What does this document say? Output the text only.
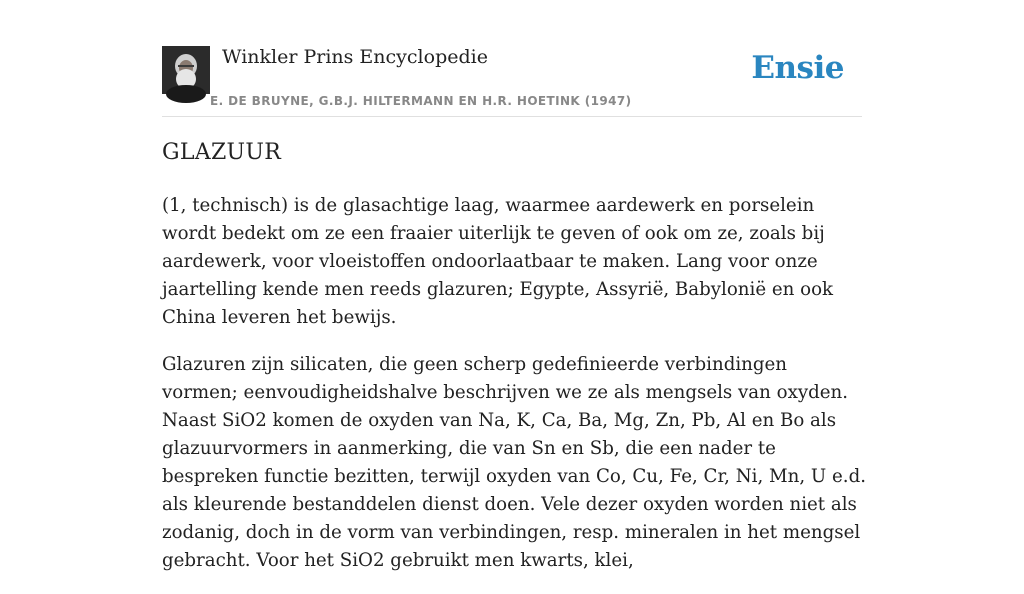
Winkler Prins Encyclopedie
E. DE BRUYNE, G.B.J. HILTERMANN EN H.R. HOETINK (1947)
Ensie
GLAZUUR

(1, technisch) is de glasachtige laag, waarmee aardewerk en porselein wordt bedekt om ze een fraaier uiterlijk te geven of ook om ze, zoals bij aardewerk, voor vloeistoffen ondoorlaatbaar te maken. Lang voor onze jaartelling kende men reeds glazuren; Egypte, Assyrië, Babylonië en ook China leveren het bewijs.

Glazuren zijn silicaten, die geen scherp gedefinieerde verbindingen vormen; eenvoudigheidshalve beschrijven we ze als mengsels van oxyden. Naast SiO2 komen de oxyden van Na, K, Ca, Ba, Mg, Zn, Pb, Al en Bo als glazuurvormers in aanmerking, die van Sn en Sb, die een nader te bespreken functie bezitten, terwijl oxyden van Co, Cu, Fe, Cr, Ni, Mn, U e.d. als kleurende bestanddelen dienst doen. Vele dezer oxyden worden niet als zodanig, doch in de vorm van verbindingen, resp. mineralen in het mengsel gebracht. Voor het SiO2 gebruikt men kwarts, klei,
